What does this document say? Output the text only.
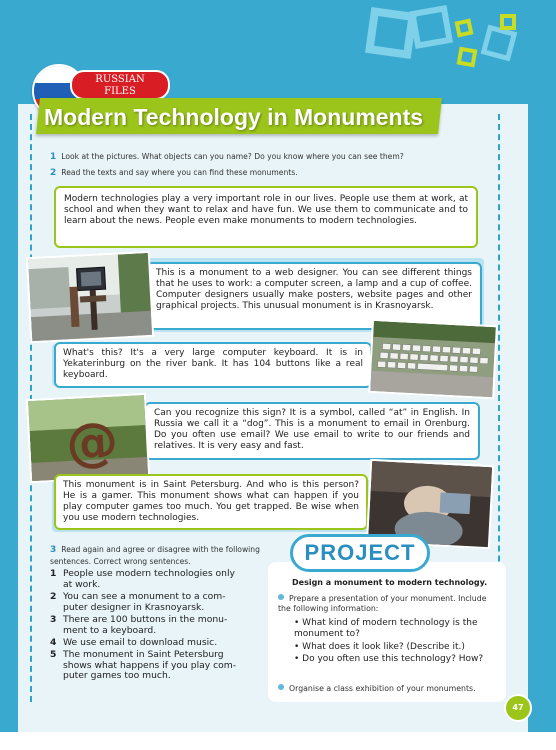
RUSSIAN
FILES
Modern Technology in Monuments
1 Look at the pictures. What objects can you name? Do you know where you can see them?
2 Read the texts and say where you can find these monuments.
Modern technologies play a very important role in our lives. People use them at work, at school and when they want to relax and have fun. We use them to communicate and to learn about the news. People even make monuments to modern technologies.
This is a monument to a web designer. You can see different things that he uses to work: a computer screen, a lamp and a cup of coffee. Computer designers usually make posters, website pages and other graphical projects. This unusual monument is in Krasnoyarsk.
What's this? It's a very large computer keyboard. It is in Yekaterinburg on the river bank. It has 104 buttons like a real keyboard.
Can you recognize this sign? It is a symbol, called “at” in English. In Russia we call it a “dog”. This is a monument to email in Orenburg. Do you often use email? We use email to write to our friends and relatives. It is very easy and fast.
@
This monument is in Saint Petersburg. And who is this person? He is a gamer. This monument shows what can happen if you play computer games too much. You get trapped. Be wise when you use modern technologies.
3 Read again and agree or disagree with the following sentences. Correct wrong sentences.
1 People use modern technologies only
at work.
2 You can see a monument to a com-
puter designer in Krasnoyarsk.
3 There are 100 buttons in the monu-
ment to a keyboard.
4 We use email to download music.
5 The monument in Saint Petersburg
shows what happens if you play com-
puter games too much.
Design a monument to modern technology.
Prepare a presentation of your monument. Include the following information:
• What kind of modern technology is the monument to?
• What does it look like? (Describe it.)
• Do you often use this technology? How?
Organise a class exhibition of your monuments.
PROJECT
47
